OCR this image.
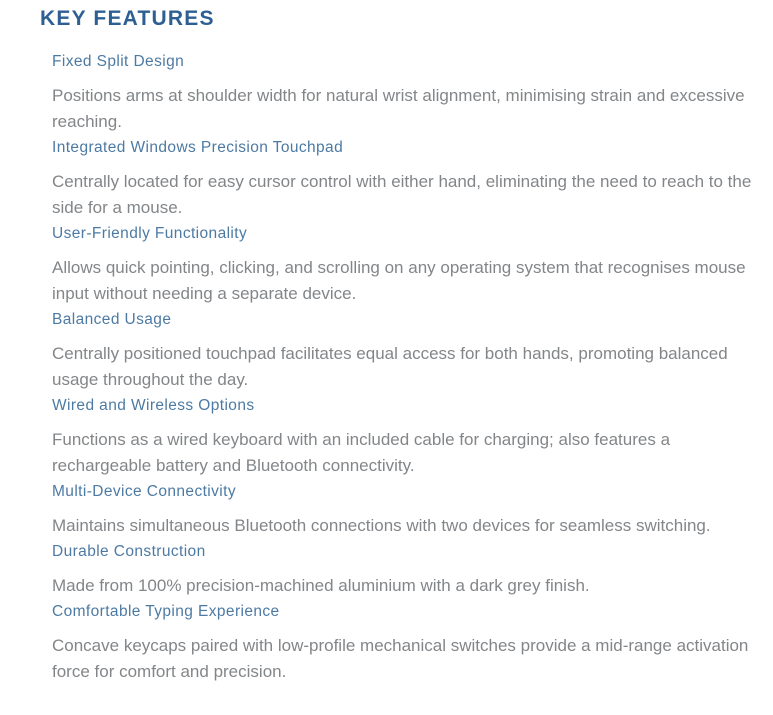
KEY FEATURES
Fixed Split Design

Positions arms at shoulder width for natural wrist alignment, minimising strain and excessive reaching.

Integrated Windows Precision Touchpad

Centrally located for easy cursor control with either hand, eliminating the need to reach to the side for a mouse.

User-Friendly Functionality

Allows quick pointing, clicking, and scrolling on any operating system that recognises mouse input without needing a separate device.

Balanced Usage

Centrally positioned touchpad facilitates equal access for both hands, promoting balanced usage throughout the day.

Wired and Wireless Options

Functions as a wired keyboard with an included cable for charging; also features a rechargeable battery and Bluetooth connectivity.

Multi-Device Connectivity

Maintains simultaneous Bluetooth connections with two devices for seamless switching.

Durable Construction

Made from 100% precision-machined aluminium with a dark grey finish.

Comfortable Typing Experience

Concave keycaps paired with low-profile mechanical switches provide a mid-range activation force for comfort and precision.
